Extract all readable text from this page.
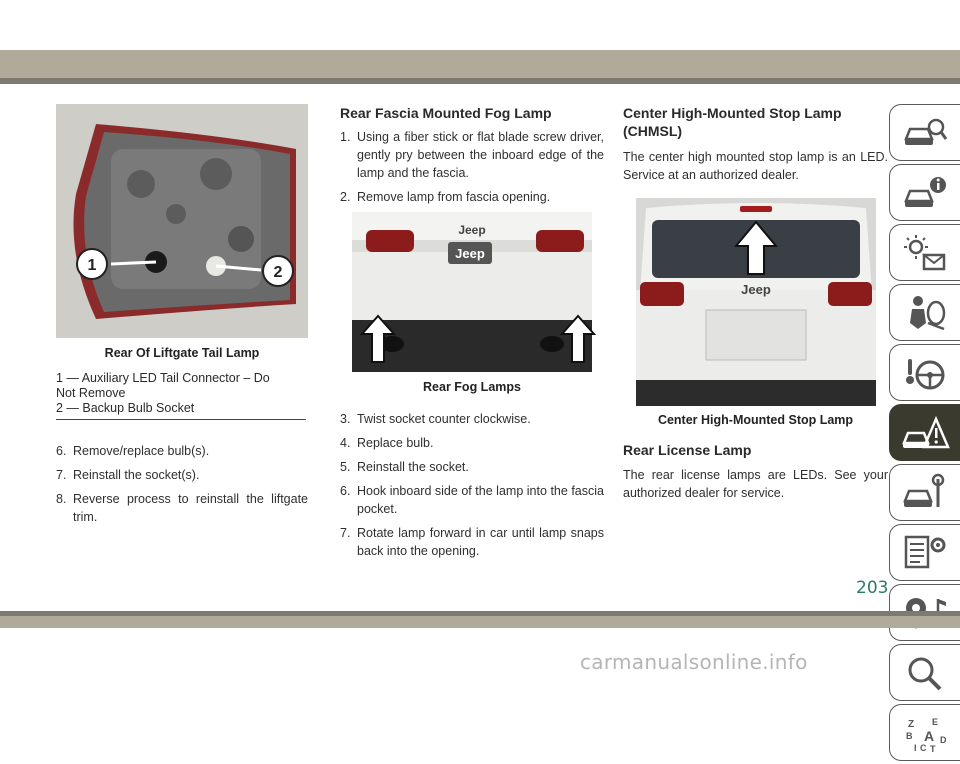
1	2
Rear Of Liftgate Tail Lamp
1 — Auxiliary LED Tail Connector – Do
Not Remove
2 — Backup Bulb Socket
6. Remove/replace bulb(s).
7. Reinstall the socket(s).
8. Reverse process to reinstall the liftgate trim.
Rear Fascia Mounted Fog Lamp
1. Using a fiber stick or flat blade screw driver, gently pry between the inboard edge of the lamp and the fascia.
2. Remove lamp from fascia opening.
Jeep
Jeep
Rear Fog Lamps
3. Twist socket counter clockwise.
4. Replace bulb.
5. Reinstall the socket.
6. Hook inboard side of the lamp into the fascia pocket.
7. Rotate lamp forward in car until lamp snaps back into the opening.
Center High-Mounted Stop Lamp (CHMSL)

The center high mounted stop lamp is an LED. Service at an authorized dealer.

Jeep
Center High-Mounted Stop Lamp
Rear License Lamp

The rear license lamps are LEDs. See your authorized dealer for service.

Z E
B A D
I C T
203
carmanualsonline.info
